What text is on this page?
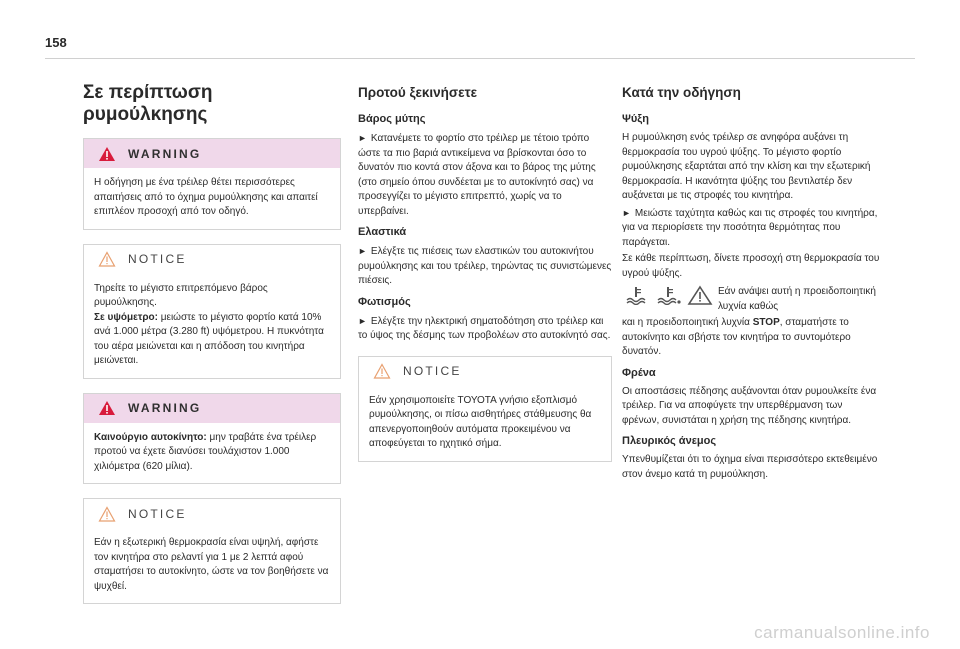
158
Σε περίπτωση ρυμούλκησης
WARNING
Η οδήγηση με ένα τρέιλερ θέτει περισσότερες απαιτήσεις από το όχημα ρυμούλκησης και απαιτεί επιπλέον προσοχή από τον οδηγό.
NOTICE
Τηρείτε το μέγιστο επιτρεπόμενο βάρος ρυμούλκησης.
Σε υψόμετρο: μειώστε το μέγιστο φορτίο κατά 10% ανά 1.000 μέτρα (3.280 ft) υψόμετρου. Η πυκνότητα του αέρα μειώνεται και η απόδοση του κινητήρα μειώνεται.
WARNING
Καινούργιο αυτοκίνητο: μην τραβάτε ένα τρέιλερ προτού να έχετε διανύσει τουλάχιστον 1.000 χιλιόμετρα (620 μίλια).
NOTICE
Εάν η εξωτερική θερμοκρασία είναι υψηλή, αφήστε τον κινητήρα στο ρελαντί για 1 με 2 λεπτά αφού σταματήσει το αυτοκίνητο, ώστε να τον βοηθήσετε να ψυχθεί.
Προτού ξεκινήσετε
Βάρος μύτης

► Κατανέμετε το φορτίο στο τρέιλερ με τέτοιο τρόπο ώστε τα πιο βαριά αντικείμενα να βρίσκονται όσο το δυνατόν πιο κοντά στον άξονα και το βάρος της μύτης (στο σημείο όπου συνδέεται με το αυτοκίνητό σας) να προσεγγίζει το μέγιστο επιτρεπτό, χωρίς να το υπερβαίνει.

Ελαστικά

► Ελέγξτε τις πιέσεις των ελαστικών του αυτοκινήτου ρυμούλκησης και του τρέιλερ, τηρώντας τις συνιστώμενες πιέσεις.

Φωτισμός

► Ελέγξτε την ηλεκτρική σηματοδότηση στο τρέιλερ και το ύψος της δέσμης των προβολέων στο αυτοκίνητό σας.

NOTICE
Εάν χρησιμοποιείτε ΤΟΥΟΤΑ γνήσιο εξοπλισμό ρυμούλκησης, οι πίσω αισθητήρες στάθμευσης θα απενεργοποιηθούν αυτόματα προκειμένου να αποφεύγεται το ηχητικό σήμα.
Κατά την οδήγηση
Ψύξη

Η ρυμούλκηση ενός τρέιλερ σε ανηφόρα αυξάνει τη θερμοκρασία του υγρού ψύξης. Το μέγιστο φορτίο ρυμούλκησης εξαρτάται από την κλίση και την εξωτερική θερμοκρασία. Η ικανότητα ψύξης του βεντιλατέρ δεν αυξάνεται με τις στροφές του κινητήρα.

► Μειώστε ταχύτητα καθώς και τις στροφές του κινητήρα, για να περιορίσετε την ποσότητα θερμότητας που παράγεται.

Σε κάθε περίπτωση, δίνετε προσοχή στη θερμοκρασία του υγρού ψύξης.

Εάν ανάψει αυτή η προειδοποιητική λυχνία καθώς

και η προειδοποιητική λυχνία STOP, σταματήστε το αυτοκίνητο και σβήστε τον κινητήρα το συντομότερο δυνατόν.

Φρένα

Οι αποστάσεις πέδησης αυξάνονται όταν ρυμουλκείτε ένα τρέιλερ. Για να αποφύγετε την υπερθέρμανση των φρένων, συνιστάται η χρήση της πέδησης κινητήρα.

Πλευρικός άνεμος

Υπενθυμίζεται ότι το όχημα είναι περισσότερο εκτεθειμένο στον άνεμο κατά τη ρυμούλκηση.

carmanualsonline.info
